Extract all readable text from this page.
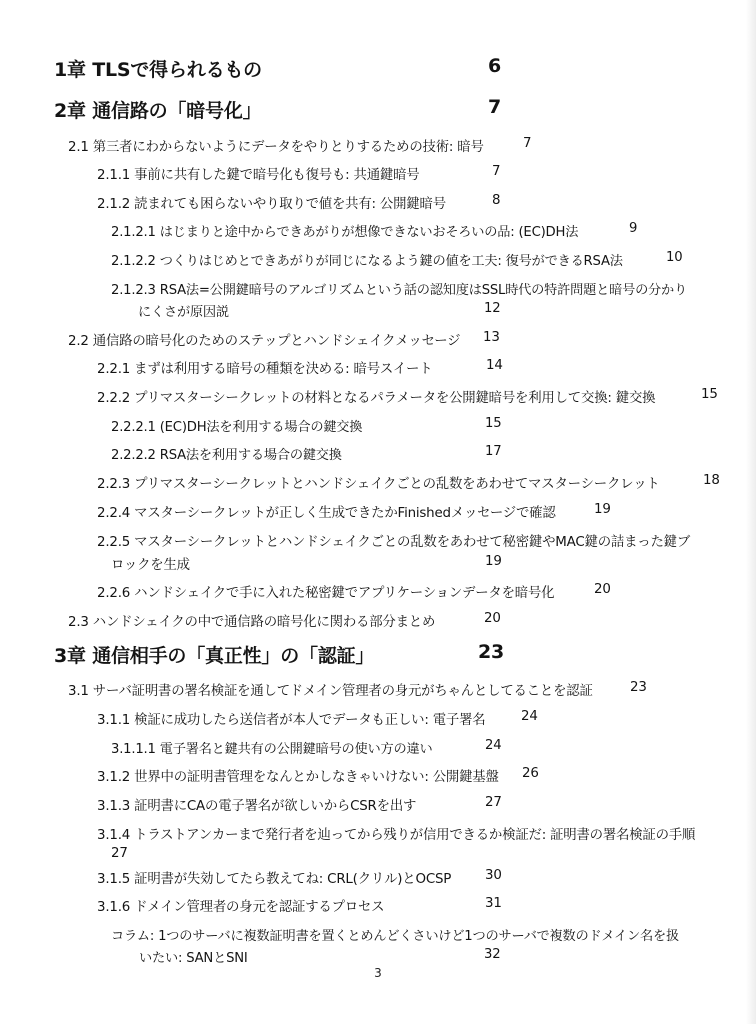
1章 TLSで得られるもの	6
2章 通信路の「暗号化」	7
2.1 第三者にわからないようにデータをやりとりするための技術: 暗号	7
2.1.1 事前に共有した鍵で暗号化も復号も: 共通鍵暗号	7
2.1.2 読まれても困らないやり取りで値を共有: 公開鍵暗号	8
2.1.2.1 はじまりと途中からできあがりが想像できないおそろいの品: (EC)DH法	9
2.1.2.2 つくりはじめとできあがりが同じになるよう鍵の値を工夫: 復号ができるRSA法	10
2.1.2.3 RSA法=公開鍵暗号のアルゴリズムという話の認知度はSSL時代の特許問題と暗号の分かり
にくさが原因説	12
2.2 通信路の暗号化のためのステップとハンドシェイクメッセージ 13
2.2.1 まずは利用する暗号の種類を決める: 暗号スイート	14
2.2.2 プリマスターシークレットの材料となるパラメータを公開鍵暗号を利用して交換: 鍵交換	15
2.2.2.1 (EC)DH法を利用する場合の鍵交換	15
2.2.2.2 RSA法を利用する場合の鍵交換	17
2.2.3 プリマスターシークレットとハンドシェイクごとの乱数をあわせてマスターシークレット	18
2.2.4 マスターシークレットが正しく生成できたかFinishedメッセージで確認	19
2.2.5 マスターシークレットとハンドシェイクごとの乱数をあわせて秘密鍵やMAC鍵の詰まった鍵ブ
ロックを生成	19
2.2.6 ハンドシェイクで手に入れた秘密鍵でアプリケーションデータを暗号化	20
2.3 ハンドシェイクの中で通信路の暗号化に関わる部分まとめ	20
3章 通信相手の「真正性」の「認証」	23
3.1 サーバ証明書の署名検証を通してドメイン管理者の身元がちゃんとしてることを認証	23
3.1.1 検証に成功したら送信者が本人でデータも正しい: 電子署名	24
3.1.1.1 電子署名と鍵共有の公開鍵暗号の使い方の違い	24
3.1.2 世界中の証明書管理をなんとかしなきゃいけない: 公開鍵基盤 26
3.1.3 証明書にCAの電子署名が欲しいからCSRを出す	27
3.1.4 トラストアンカーまで発行者を辿ってから残りが信用できるか検証だ: 証明書の署名検証の手順
27
3.1.5 証明書が失効してたら教えてね: CRL(クリル)とOCSP	30
3.1.6 ドメイン管理者の身元を認証するプロセス	31
コラム: 1つのサーバに複数証明書を置くとめんどくさいけど1つのサーバで複数のドメイン名を扱
いたい: SANとSNI	32
3
